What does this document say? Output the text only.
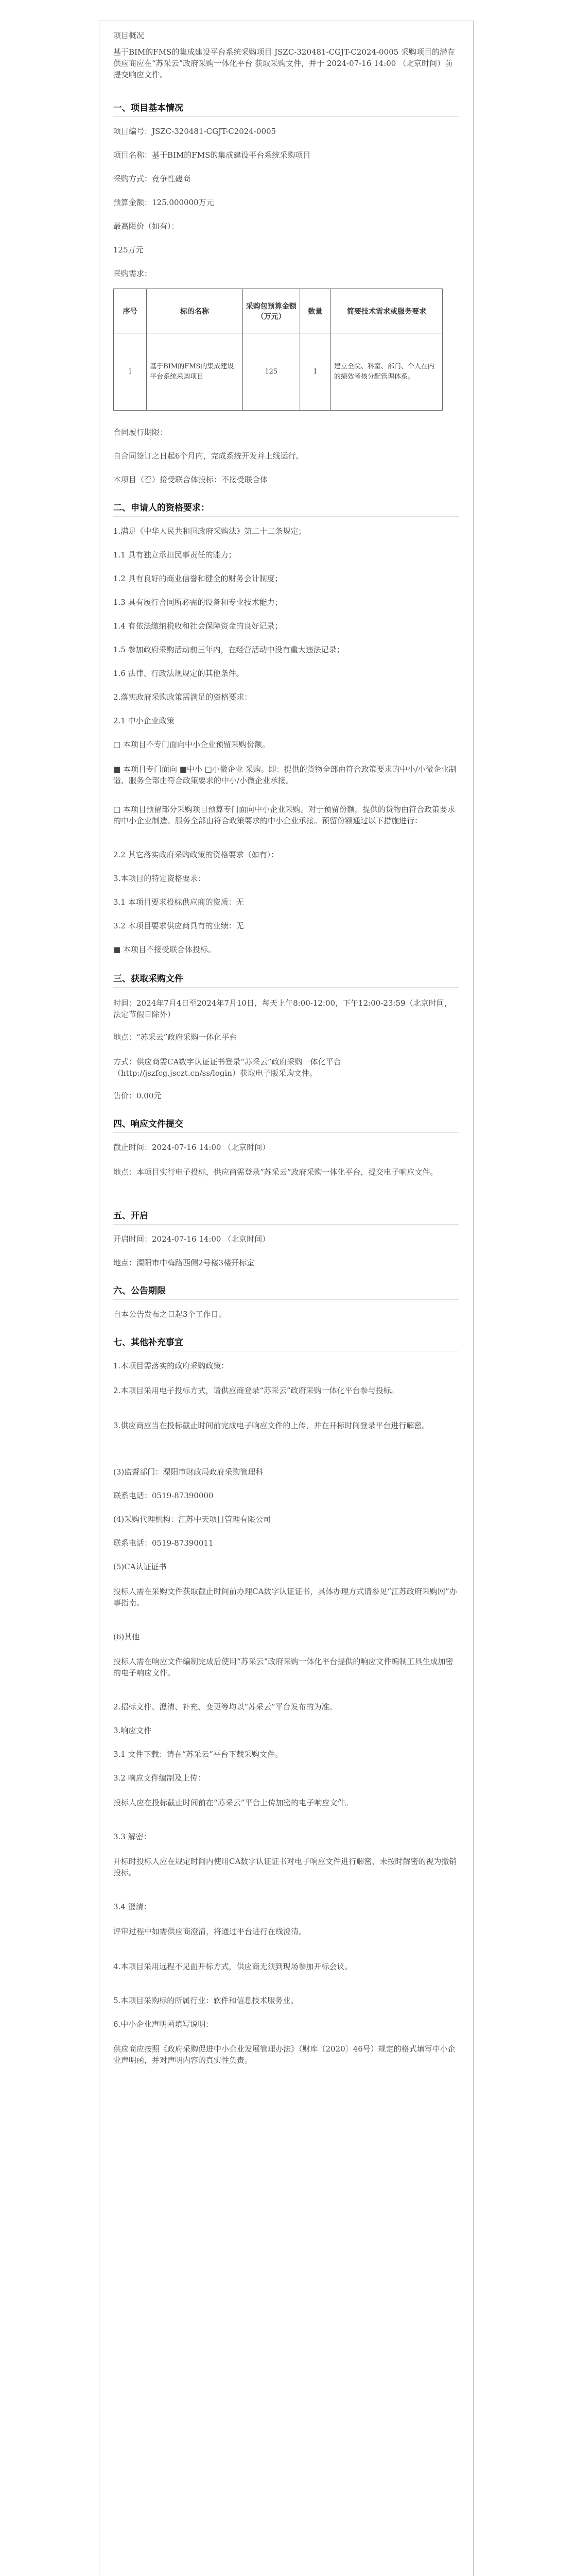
项目概况
基于BIM的FMS的集成建设平台系统采购项目 JSZC-320481-CGJT-C2024-0005 采购项目的潜在供应商应在“苏采云”政府采购一体化平台 获取采购文件，并于 2024-07-16 14:00 （北京时间）前提交响应文件。
一、项目基本情况
项目编号：JSZC-320481-CGJT-C2024-0005
项目名称：基于BIM的FMS的集成建设平台系统采购项目
采购方式：竞争性磋商
预算金额：125.000000万元
最高限价（如有）：
125万元
采购需求：
序号	标的名称	采购包预算金额（万元）	数量	简要技术需求或服务要求
1	基于BIM的FMS的集成建设平台系统采购项目	125	1	建立全院、科室、部门、个人在内的绩效考核分配管理体系。
合同履行期限：
自合同签订之日起6个月内，完成系统开发并上线运行。
本项目（否）接受联合体投标：不接受联合体
二、申请人的资格要求：
1.满足《中华人民共和国政府采购法》第二十二条规定；
1.1 具有独立承担民事责任的能力；
1.2 具有良好的商业信誉和健全的财务会计制度；
1.3 具有履行合同所必需的设备和专业技术能力；
1.4 有依法缴纳税收和社会保障资金的良好记录；
1.5 参加政府采购活动前三年内，在经营活动中没有重大违法记录；
1.6 法律、行政法规规定的其他条件。
2.落实政府采购政策需满足的资格要求：
2.1 中小企业政策
□ 本项目不专门面向中小企业预留采购份额。
■ 本项目专门面向 ■中小 □小微企业 采购。即：提供的货物全部由符合政策要求的中小/小微企业制造、服务全部由符合政策要求的中小/小微企业承接。
□ 本项目预留部分采购项目预算专门面向中小企业采购。对于预留份额，提供的货物由符合政策要求的中小企业制造、服务全部由符合政策要求的中小企业承接。预留份额通过以下措施进行：
2.2 其它落实政府采购政策的资格要求（如有）：
3.本项目的特定资格要求：
3.1 本项目要求投标供应商的资质：无
3.2 本项目要求供应商具有的业绩：无
■ 本项目不接受联合体投标。
三、获取采购文件
时间：2024年7月4日至2024年7月10日，每天上午8:00-12:00，下午12:00-23:59（北京时间，法定节假日除外）
地点：“苏采云”政府采购一体化平台
方式：供应商需CA数字认证证书登录“苏采云”政府采购一体化平台（http://jszfcg.jsczt.cn/ss/login）获取电子版采购文件。
售价：0.00元
四、响应文件提交
截止时间：2024-07-16 14:00 （北京时间）
地点：本项目实行电子投标，供应商需登录“苏采云”政府采购一体化平台，提交电子响应文件。
五、开启
开启时间：2024-07-16 14:00 （北京时间）
地点：溧阳市中梅路西侧2号楼3楼开标室
六、公告期限
自本公告发布之日起3个工作日。
七、其他补充事宜
1.本项目需落实的政府采购政策：
2.本项目采用电子投标方式，请供应商登录“苏采云”政府采购一体化平台参与投标。
3.供应商应当在投标截止时间前完成电子响应文件的上传，并在开标时间登录平台进行解密。
(3)监督部门：溧阳市财政局政府采购管理科
联系电话：0519-87390000
(4)采购代理机构：江苏中天项目管理有限公司
联系电话：0519-87390011
(5)CA认证证书
投标人需在采购文件获取截止时间前办理CA数字认证证书，具体办理方式请参见“江苏政府采购网”办事指南。
(6)其他
投标人需在响应文件编制完成后使用“苏采云”政府采购一体化平台提供的响应文件编制工具生成加密的电子响应文件。
2.招标文件、澄清、补充、变更等均以“苏采云”平台发布的为准。
3.响应文件
3.1 文件下载：请在“苏采云”平台下载采购文件。
3.2 响应文件编制及上传：
投标人应在投标截止时间前在“苏采云”平台上传加密的电子响应文件。
3.3 解密：
开标时投标人应在规定时间内使用CA数字认证证书对电子响应文件进行解密，未按时解密的视为撤销投标。
3.4 澄清：
评审过程中如需供应商澄清，将通过平台进行在线澄清。
4.本项目采用远程不见面开标方式，供应商无须到现场参加开标会议。
5.本项目采购标的所属行业：软件和信息技术服务业。
6.中小企业声明函填写说明：
供应商应按照《政府采购促进中小企业发展管理办法》（财库〔2020〕46号）规定的格式填写中小企业声明函，并对声明内容的真实性负责。
